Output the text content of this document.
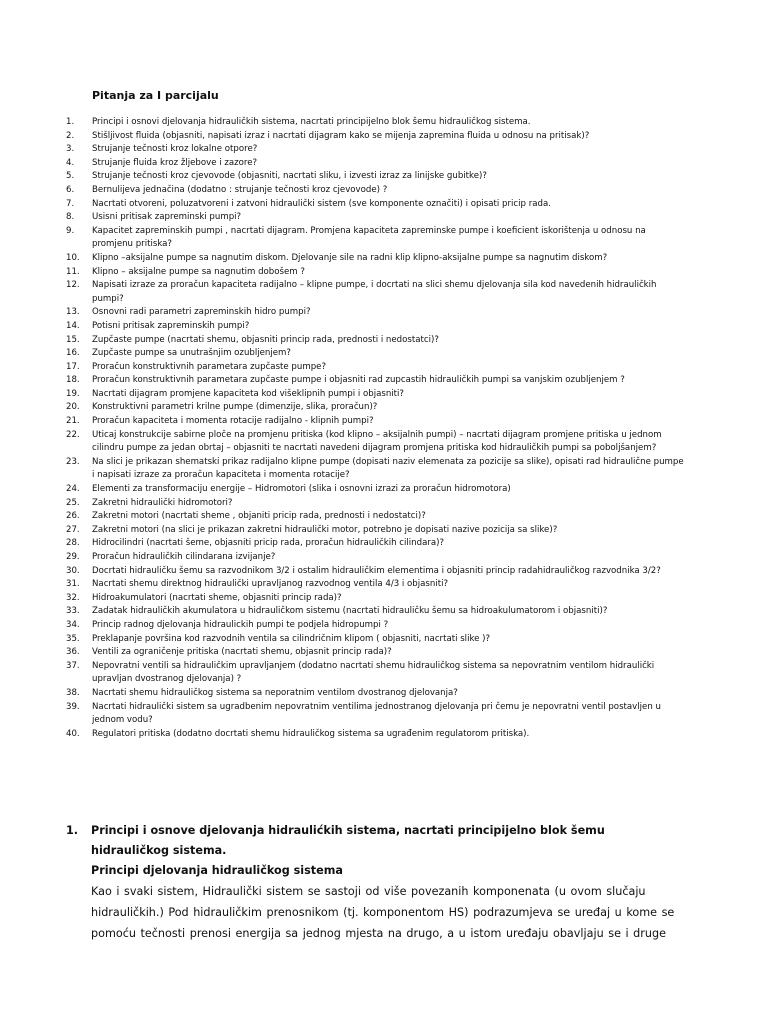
Pitanja za I parcijalu
1.	Principi i osnovi djelovanja hidrauličkih sistema, nacrtati principijelno blok šemu hidrauličkog sistema.
2.	Stišljivost fluida (objasniti, napisati izraz i nacrtati dijagram kako se mijenja zapremina fluida u odnosu na pritisak)?
3.	Strujanje tečnosti kroz lokalne otpore?
4.	Strujanje fluida kroz žljebove i zazore?
5.	Strujanje tečnosti kroz cjevovode (objasniti, nacrtati sliku, i izvesti izraz za linijske gubitke)?
6.	Bernulijeva jednačina (dodatno : strujanje tečnosti kroz cjevovode) ?
7.	Nacrtati otvoreni, poluzatvoreni i zatvoni hidraulički sistem (sve komponente označiti) i opisati pricip rada.
8.	Usisni pritisak zapreminski pumpi?
9.	Kapacitet zapreminskih pumpi , nacrtati dijagram. Promjena kapaciteta zapreminske pumpe i koeficient iskorištenja u odnosu na promjenu pritiska?
10.	Klipno –aksijalne pumpe sa nagnutim diskom. Djelovanje sile na radni klip klipno-aksijalne pumpe sa nagnutim diskom?
11.	Klipno – aksijalne pumpe sa nagnutim dobošem ?
12.	Napisati izraze za proračun kapaciteta radijalno – klipne pumpe, i docrtati na slici shemu djelovanja sila kod navedenih hidrauličkih pumpi?
13.	Osnovni radi parametri zapreminskih hidro pumpi?
14.	Potisni pritisak zapreminskih pumpi?
15.	Zupčaste pumpe (nacrtati shemu, objasniti princip rada, prednosti i nedostatci)?
16.	Zupčaste pumpe sa unutrašnjim ozubljenjem?
17.	Proračun konstruktivnih parametara zupčaste pumpe?
18.	Proračun konstruktivnih parametara zupčaste pumpe i objasniti rad zupcastih hidrauličkih pumpi sa vanjskim ozubljenjem ?
19.	Nacrtati dijagram promjene kapaciteta kod višeklipnih pumpi i objasniti?
20.	Konstruktivni parametri krilne pumpe (dimenzije, slika, proračun)?
21.	Proračun kapaciteta i momenta rotacije radijalno - klipnih pumpi?
22.	Uticaj konstrukcije sabirne ploče na promjenu pritiska (kod klipno – aksijalnih pumpi) – nacrtati dijagram promjene pritiska u jednom cilindru pumpe za jedan obrtaj – objasniti te nacrtati navedeni dijagram promjena pritiska kod hidrauličkih pumpi sa poboljšanjem?
23.	Na slici je prikazan shematski prikaz radijalno klipne pumpe (dopisati naziv elemenata za pozicije sa slike), opisati rad hidraulične pumpe i napisati izraze za proračun kapaciteta i momenta rotacije?
24.	Elementi za transformaciju energije – Hidromotori (slika i osnovni izrazi za proračun hidromotora)
25.	Zakretni hidraulički hidromotori?
26.	Zakretni motori (nacrtati sheme , objaniti pricip rada, prednosti i nedostatci)?
27.	Zakretni motori (na slici je prikazan zakretni hidraulički motor, potrebno je dopisati nazive pozicija sa slike)?
28.	Hidrocilindri (nacrtati šeme, objasniti pricip rada, proračun hidrauličkih cilindara)?
29.	Proračun hidrauličkih cilindarana izvijanje?
30.	Docrtati hidrauličku šemu sa razvodnikom 3/2 i ostalim hidrauličkim elementima i objasniti princip radahidrauličkog razvodnika 3/2?
31.	Nacrtati shemu direktnog hidraulički upravljanog razvodnog ventila 4/3 i objasniti?
32.	Hidroakumulatori (nacrtati sheme, objasniti princip rada)?
33.	Zadatak hidrauličkih akumulatora u hidrauličkom sistemu (nacrtati hidrauličku šemu sa hidroakulumatorom i objasniti)?
34.	Princip radnog djelovanja hidraulickih pumpi te podjela hidropumpi ?
35.	Preklapanje površina kod razvodnih ventila sa cilindričnim klipom ( objasniti, nacrtati slike )?
36.	Ventili za ograničenje pritiska (nacrtati shemu, objasnit princip rada)?
37.	Nepovratni ventili sa hidrauličkim upravljanjem (dodatno nacrtati shemu hidrauličkog sistema sa nepovratnim ventilom hidraulički upravljan dvostranog djelovanja) ?
38.	Nacrtati shemu hidrauličkog sistema sa neporatnim ventilom dvostranog djelovanja?
39.	Nacrtati hidraulički sistem sa ugradbenim nepovratnim ventilima jednostranog djelovanja pri čemu je nepovratni ventil postavljen u jednom vodu?
40.	Regulatori pritiska (dodatno docrtati shemu hidrauličkog sistema sa ugrađenim regulatorom pritiska).
1.	Principi i osnove djelovanja hidraulićkih sistema, nacrtati principijelno blok šemu hidrauličkog sistema.
Principi djelovanja hidrauličkog sistema
Kao i svaki sistem, Hidraulički sistem se sastoji od više povezanih komponenata (u ovom slučaju hidrauličkih.) Pod hidrauličkim prenosnikom (tj. komponentom HS) podrazumjeva se uređaj u kome se pomoću tečnosti prenosi energija sa jednog mjesta na drugo, a u istom uređaju obavljaju se i druge
